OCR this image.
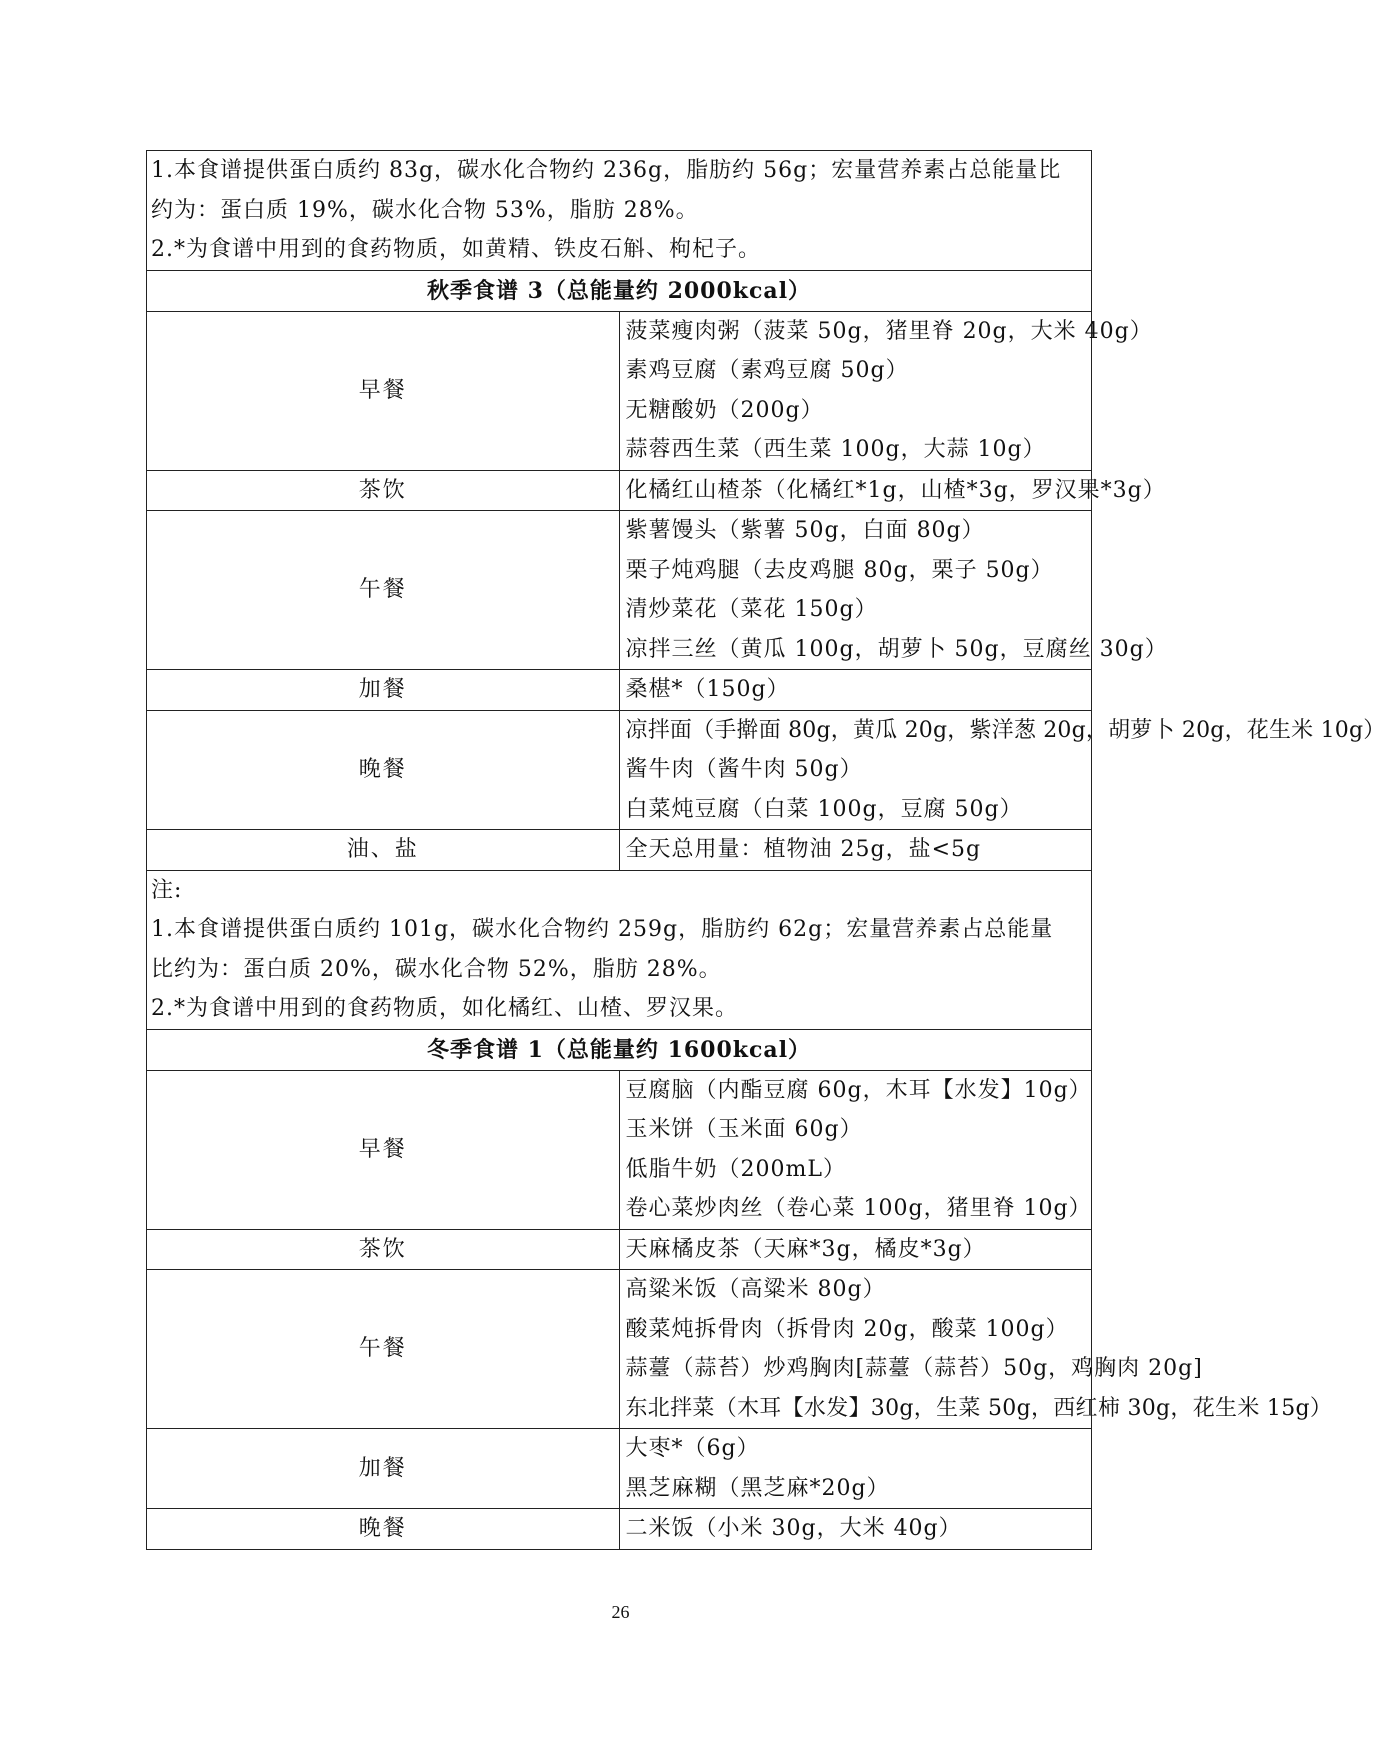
1.本食谱提供蛋白质约 83g，碳水化合物约 236g，脂肪约 56g；宏量营养素占总能量比
约为：蛋白质 19%，碳水化合物 53%，脂肪 28%。
2.*为食谱中用到的食药物质，如黄精、铁皮石斛、枸杞子。	

秋季食谱 3（总能量约 2000kcal）	
早餐	菠菜瘦肉粥（菠菜 50g，猪里脊 20g，大米 40g）
素鸡豆腐（素鸡豆腐 50g）
无糖酸奶（200g）
蒜蓉西生菜（西生菜 100g，大蒜 10g）

茶饮	化橘红山楂茶（化橘红*1g，山楂*3g，罗汉果*3g）

午餐	紫薯馒头（紫薯 50g，白面 80g）
栗子炖鸡腿（去皮鸡腿 80g，栗子 50g）
清炒菜花（菜花 150g）
凉拌三丝（黄瓜 100g，胡萝卜 50g，豆腐丝 30g）

加餐	桑椹*（150g）

晚餐	凉拌面（手擀面 80g，黄瓜 20g，紫洋葱 20g，胡萝卜 20g，花生米 10g）
酱牛肉（酱牛肉 50g）
白菜炖豆腐（白菜 100g，豆腐 50g）

油、盐	全天总用量：植物油 25g，盐<5g

注:
1.本食谱提供蛋白质约 101g，碳水化合物约 259g，脂肪约 62g；宏量营养素占总能量
比约为：蛋白质 20%，碳水化合物 52%，脂肪 28%。
2.*为食谱中用到的食药物质，如化橘红、山楂、罗汉果。	

冬季食谱 1（总能量约 1600kcal）	
早餐	豆腐脑（内酯豆腐 60g，木耳【水发】10g）
玉米饼（玉米面 60g）
低脂牛奶（200mL）
卷心菜炒肉丝（卷心菜 100g，猪里脊 10g）

茶饮	天麻橘皮茶（天麻*3g，橘皮*3g）

午餐	高粱米饭（高粱米 80g）
酸菜炖拆骨肉（拆骨肉 20g，酸菜 100g）
蒜薹（蒜苔）炒鸡胸肉[蒜薹（蒜苔）50g，鸡胸肉 20g]
东北拌菜（木耳【水发】30g，生菜 50g，西红柿 30g，花生米 15g）

加餐	大枣*（6g）
黑芝麻糊（黑芝麻*20g）

晚餐	二米饭（小米 30g，大米 40g）
26
